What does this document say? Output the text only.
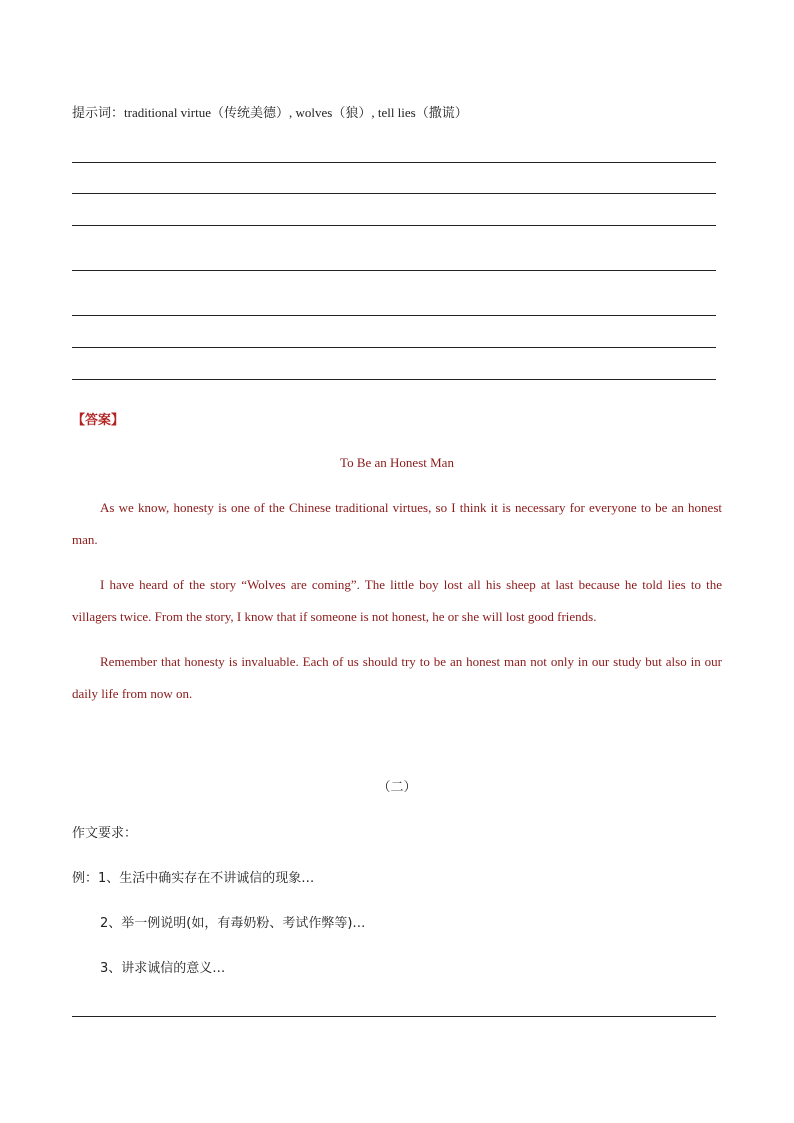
提示词：traditional virtue（传统美德）, wolves（狼）, tell lies（撒谎）
【答案】
To Be an Honest Man
As we know, honesty is one of the Chinese traditional virtues, so I think it is necessary for everyone to be an honest man.
I have heard of the story “Wolves are coming”. The little boy lost all his sheep at last because he told lies to the villagers twice. From the story, I know that if someone is not honest, he or she will lost good friends.
Remember that honesty is invaluable. Each of us should try to be an honest man not only in our study but also in our daily life from now on.
（二）
作文要求：
例：1、生活中确实存在不讲诚信的现象…
2、举一例说明(如，有毒奶粉、考试作弊等)…
3、讲求诚信的意义…
